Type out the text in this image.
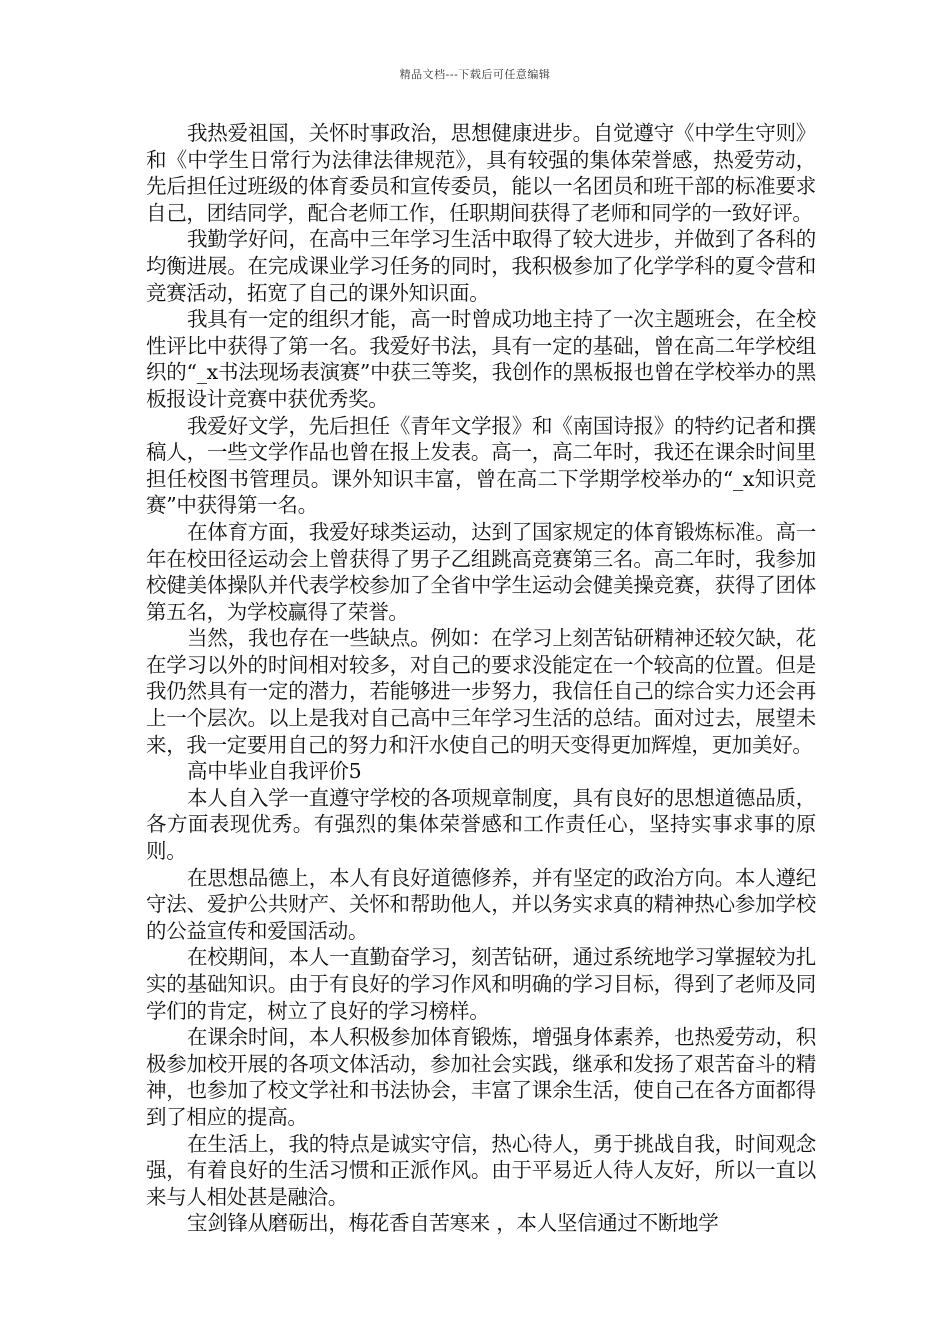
精品文档---下载后可任意编辑

我热爱祖国，关怀时事政治，思想健康进步。自觉遵守《中学生守则》和《中学生日常行为法律法律规范》，具有较强的集体荣誉感，热爱劳动，先后担任过班级的体育委员和宣传委员，能以一名团员和班干部的标准要求自己，团结同学，配合老师工作，任职期间获得了老师和同学的一致好评。

我勤学好问，在高中三年学习生活中取得了较大进步，并做到了各科的均衡进展。在完成课业学习任务的同时，我积极参加了化学学科的夏令营和竞赛活动，拓宽了自己的课外知识面。

我具有一定的组织才能，高一时曾成功地主持了一次主题班会，在全校性评比中获得了第一名。我爱好书法，具有一定的基础，曾在高二年学校组织的“_x书法现场表演赛”中获三等奖，我创作的黑板报也曾在学校举办的黑板报设计竞赛中获优秀奖。

我爱好文学，先后担任《青年文学报》和《南国诗报》的特约记者和撰稿人，一些文学作品也曾在报上发表。高一，高二年时，我还在课余时间里担任校图书管理员。课外知识丰富，曾在高二下学期学校举办的“_x知识竞赛”中获得第一名。

在体育方面，我爱好球类运动，达到了国家规定的体育锻炼标准。高一年在校田径运动会上曾获得了男子乙组跳高竞赛第三名。高二年时，我参加校健美体操队并代表学校参加了全省中学生运动会健美操竞赛，获得了团体第五名，为学校赢得了荣誉。

当然，我也存在一些缺点。例如：在学习上刻苦钻研精神还较欠缺，花在学习以外的时间相对较多，对自己的要求没能定在一个较高的位置。但是我仍然具有一定的潜力，若能够进一步努力，我信任自己的综合实力还会再上一个层次。以上是我对自己高中三年学习生活的总结。面对过去，展望未来，我一定要用自己的努力和汗水使自己的明天变得更加辉煌，更加美好。

高中毕业自我评价5

本人自入学一直遵守学校的各项规章制度，具有良好的思想道德品质，各方面表现优秀。有强烈的集体荣誉感和工作责任心，坚持实事求事的原则。

在思想品德上，本人有良好道德修养，并有坚定的政治方向。本人遵纪守法、爱护公共财产、关怀和帮助他人，并以务实求真的精神热心参加学校的公益宣传和爱国活动。

在校期间，本人一直勤奋学习，刻苦钻研，通过系统地学习掌握较为扎实的基础知识。由于有良好的学习作风和明确的学习目标，得到了老师及同学们的肯定，树立了良好的学习榜样。

在课余时间，本人积极参加体育锻炼，增强身体素养，也热爱劳动，积极参加校开展的各项文体活动，参加社会实践，继承和发扬了艰苦奋斗的精神，也参加了校文学社和书法协会，丰富了课余生活，使自己在各方面都得到了相应的提高。

在生活上，我的特点是诚实守信，热心待人，勇于挑战自我，时间观念强，有着良好的生活习惯和正派作风。由于平易近人待人友好，所以一直以来与人相处甚是融洽。

宝剑锋从磨砺出，梅花香自苦寒来 ，本人坚信通过不断地学
